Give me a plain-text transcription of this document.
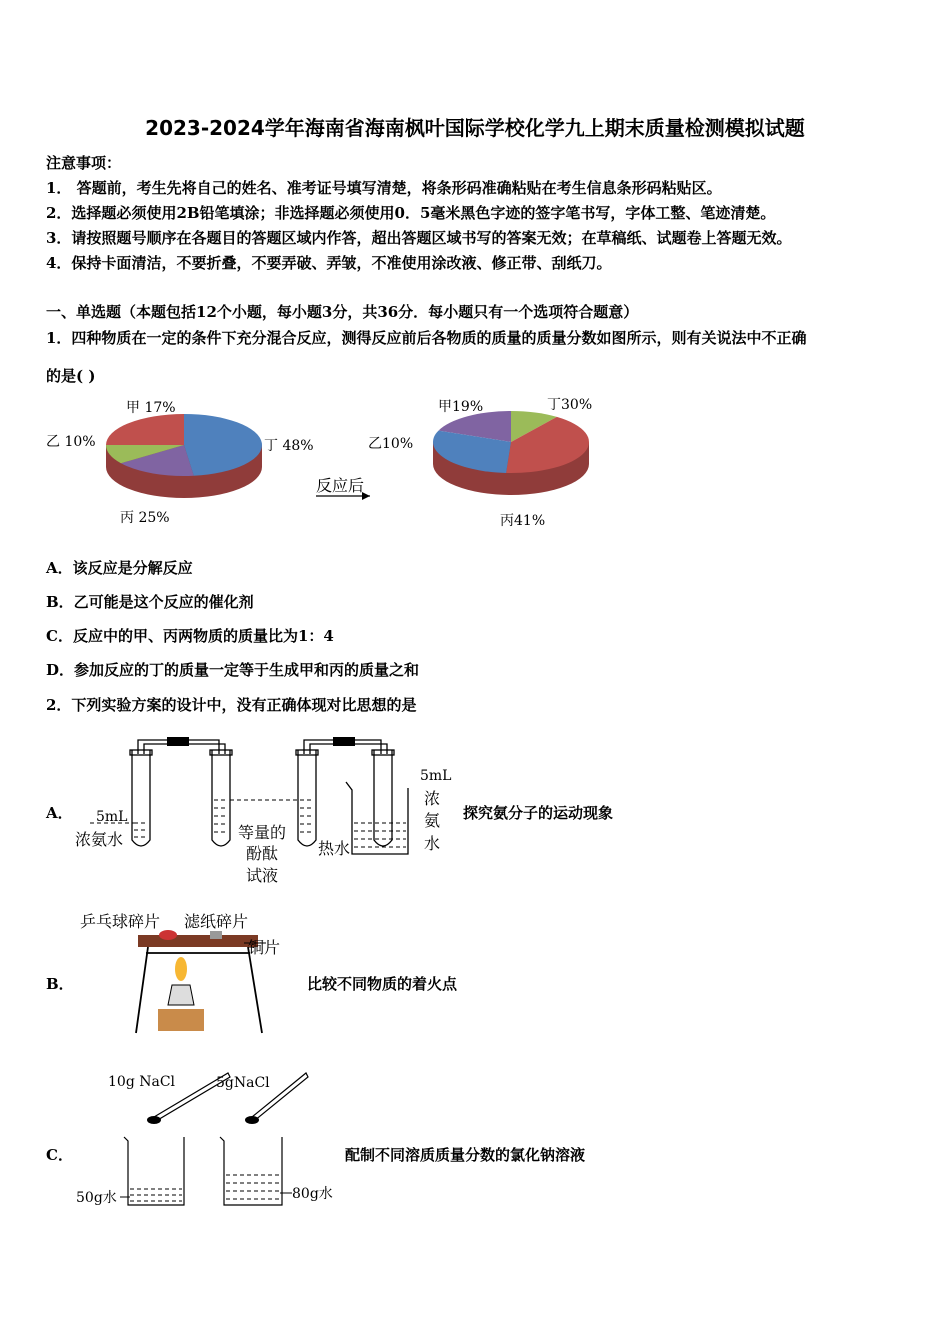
2023-2024学年海南省海南枫叶国际学校化学九上期末质量检测模拟试题
注意事项：
1． 答题前，考生先将自己的姓名、准考证号填写清楚，将条形码准确粘贴在考生信息条形码粘贴区。
2．选择题必须使用2B铅笔填涂；非选择题必须使用0．5毫米黑色字迹的签字笔书写，字体工整、笔迹清楚。
3．请按照题号顺序在各题目的答题区域内作答，超出答题区域书写的答案无效；在草稿纸、试题卷上答题无效。
4．保持卡面清洁，不要折叠，不要弄破、弄皱，不准使用涂改液、修正带、刮纸刀。
一、单选题（本题包括12个小题，每小题3分，共36分．每小题只有一个选项符合题意）
1．四种物质在一定的条件下充分混合反应，测得反应前后各物质的质量的质量分数如图所示，则有关说法中不正确
的是( )
反应后
甲 17%
乙 10%
丙 25%
丁 48%
甲19%
乙10%
丙41%
丁30%
A．该反应是分解反应
B．乙可能是这个反应的催化剂
C．反应中的甲、丙两物质的质量比为1：4
D．参加反应的丁的质量一定等于生成甲和丙的质量之和
2．下列实验方案的设计中，没有正确体现对比思想的是
A．	探究氨分子的运动现象
5mL
浓氨水	等量的
酚酞
试液
热水
5mL
浓
氨
水
B．	比较不同物质的着火点
乒乓球碎片 滤纸碎片
铜片
C．	配制不同溶质质量分数的氯化钠溶液
10g NaCl	5gNaCl
50g水	80g水
